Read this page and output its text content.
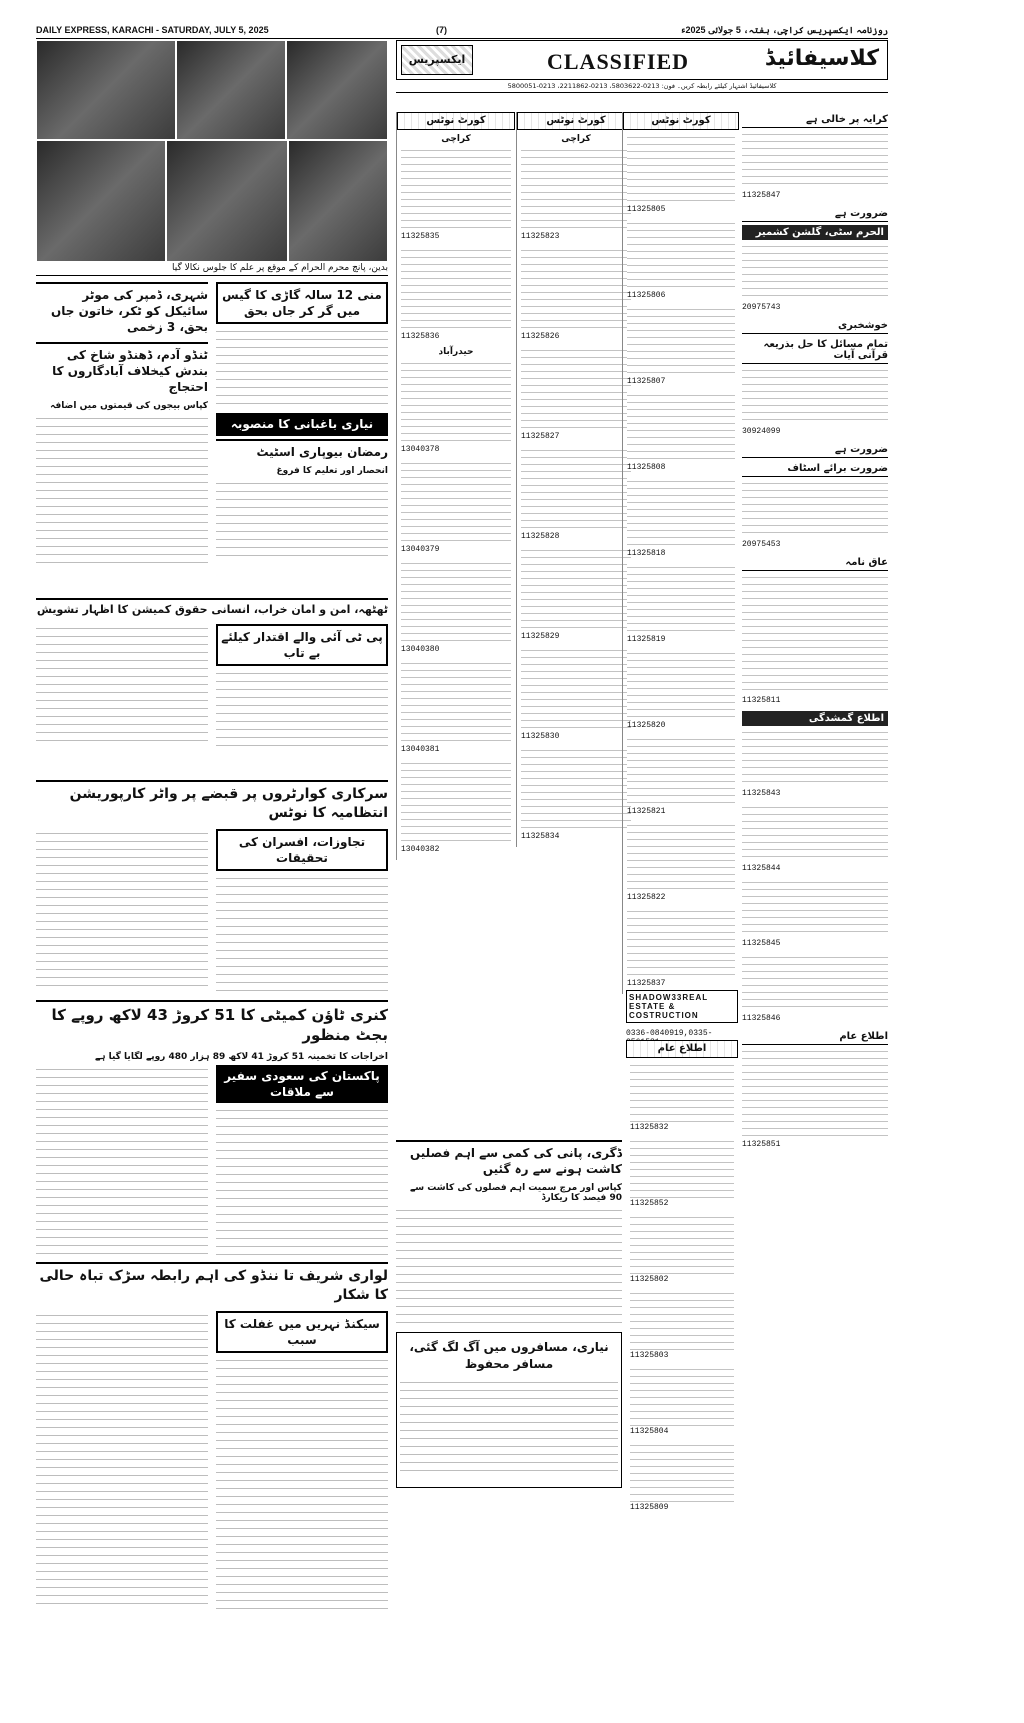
DAILY EXPRESS, KARACHI - SATURDAY, JULY 5, 2025	(7)	روزنامہ ایکسپریس کراچی، ہفتہ، 5 جولائی 2025ء
بدین، پانچ محرم الحرام کے موقع پر علم کا جلوس نکالا گیا
منی 12 سالہ گاڑی کا گیس میں گر کر جاں بحق
نیاری باغبانی کا منصوبہ
رمضان بیوپاری اسٹیٹ
انحصار اور تعلیم کا فروغ
شہری، ڈمپر کی موٹر سائیکل کو ٹکر، خاتون جاں بحق، 3 زخمی
ٹنڈو آدم، ڈھنڈو شاخ کی بندش کیخلاف آبادگاروں کا احتجاج
کپاس بیجوں کی قیمتوں میں اضافہ
ٹھٹھہ، امن و امان خراب، انسانی حقوق کمیشن کا اظہار تشویش
پی ٹی آئی والے اقتدار کیلئے بے تاب
سرکاری کوارٹروں پر قبضے پر واٹر کارپوریشن انتظامیہ کا نوٹس
تجاوزات، افسران کی تحقیقات
کنری ٹاؤن کمیٹی کا 51 کروڑ 43 لاکھ روپے کا بجٹ منظور
اخراجات کا تخمینہ 51 کروڑ 41 لاکھ 89 ہزار 480 روپے لگایا گیا ہے
پاکستان کی سعودی سفیر سے ملاقات
لواری شریف تا ننڈو کی اہم رابطہ سڑک تباہ حالی کا شکار
سیکنڈ نہریں میں غفلت کا سبب
ایکسپریس	CLASSIFIED	کلاسیفائیڈ
کلاسیفائیڈ اشتہار کیلئے رابطہ کریں۔ فون: 0213-5803622، 0213-2211862، 0213-5800051
کورٹ نوٹس
کراچی
11325835
11325836
حیدرآباد
13040378
13040379
13040380
13040381
13040382
کورٹ نوٹس
کراچی
11325823
11325826
11325827
11325828
11325829
11325830
11325834
کورٹ نوٹس
11325805
11325806
11325807
11325808
11325818
11325819
11325820
11325821
11325822
11325837
ڈگری، پانی کی کمی سے اہم فصلیں کاشت ہونے سے رہ گئیں
کپاس اور مرچ سمیت اہم فصلوں کی کاشت سے 90 فیصد کا ریکارڈ
نیاری، مسافروں میں آگ لگ گئی، مسافر محفوظ
کرایہ پر خالی ہے
11325847
ضرورت ہے
الحرم سٹی، گلشن کشمیر
20975743
خوشخبری
تمام مسائل کا حل بذریعہ قرآنی آیات
30924099
ضرورت ہے
ضرورت برائے اسٹاف
20975453
عاق نامہ
11325811
اطلاع گمشدگی
11325843
11325844
11325845
11325846
اطلاع عام
11325851
SHADOW33REAL ESTATE & COSTRUCTION
0336-0840919,0335-
اطلاع عام
11325832
11325852
11325802
11325803
11325804
11325809
